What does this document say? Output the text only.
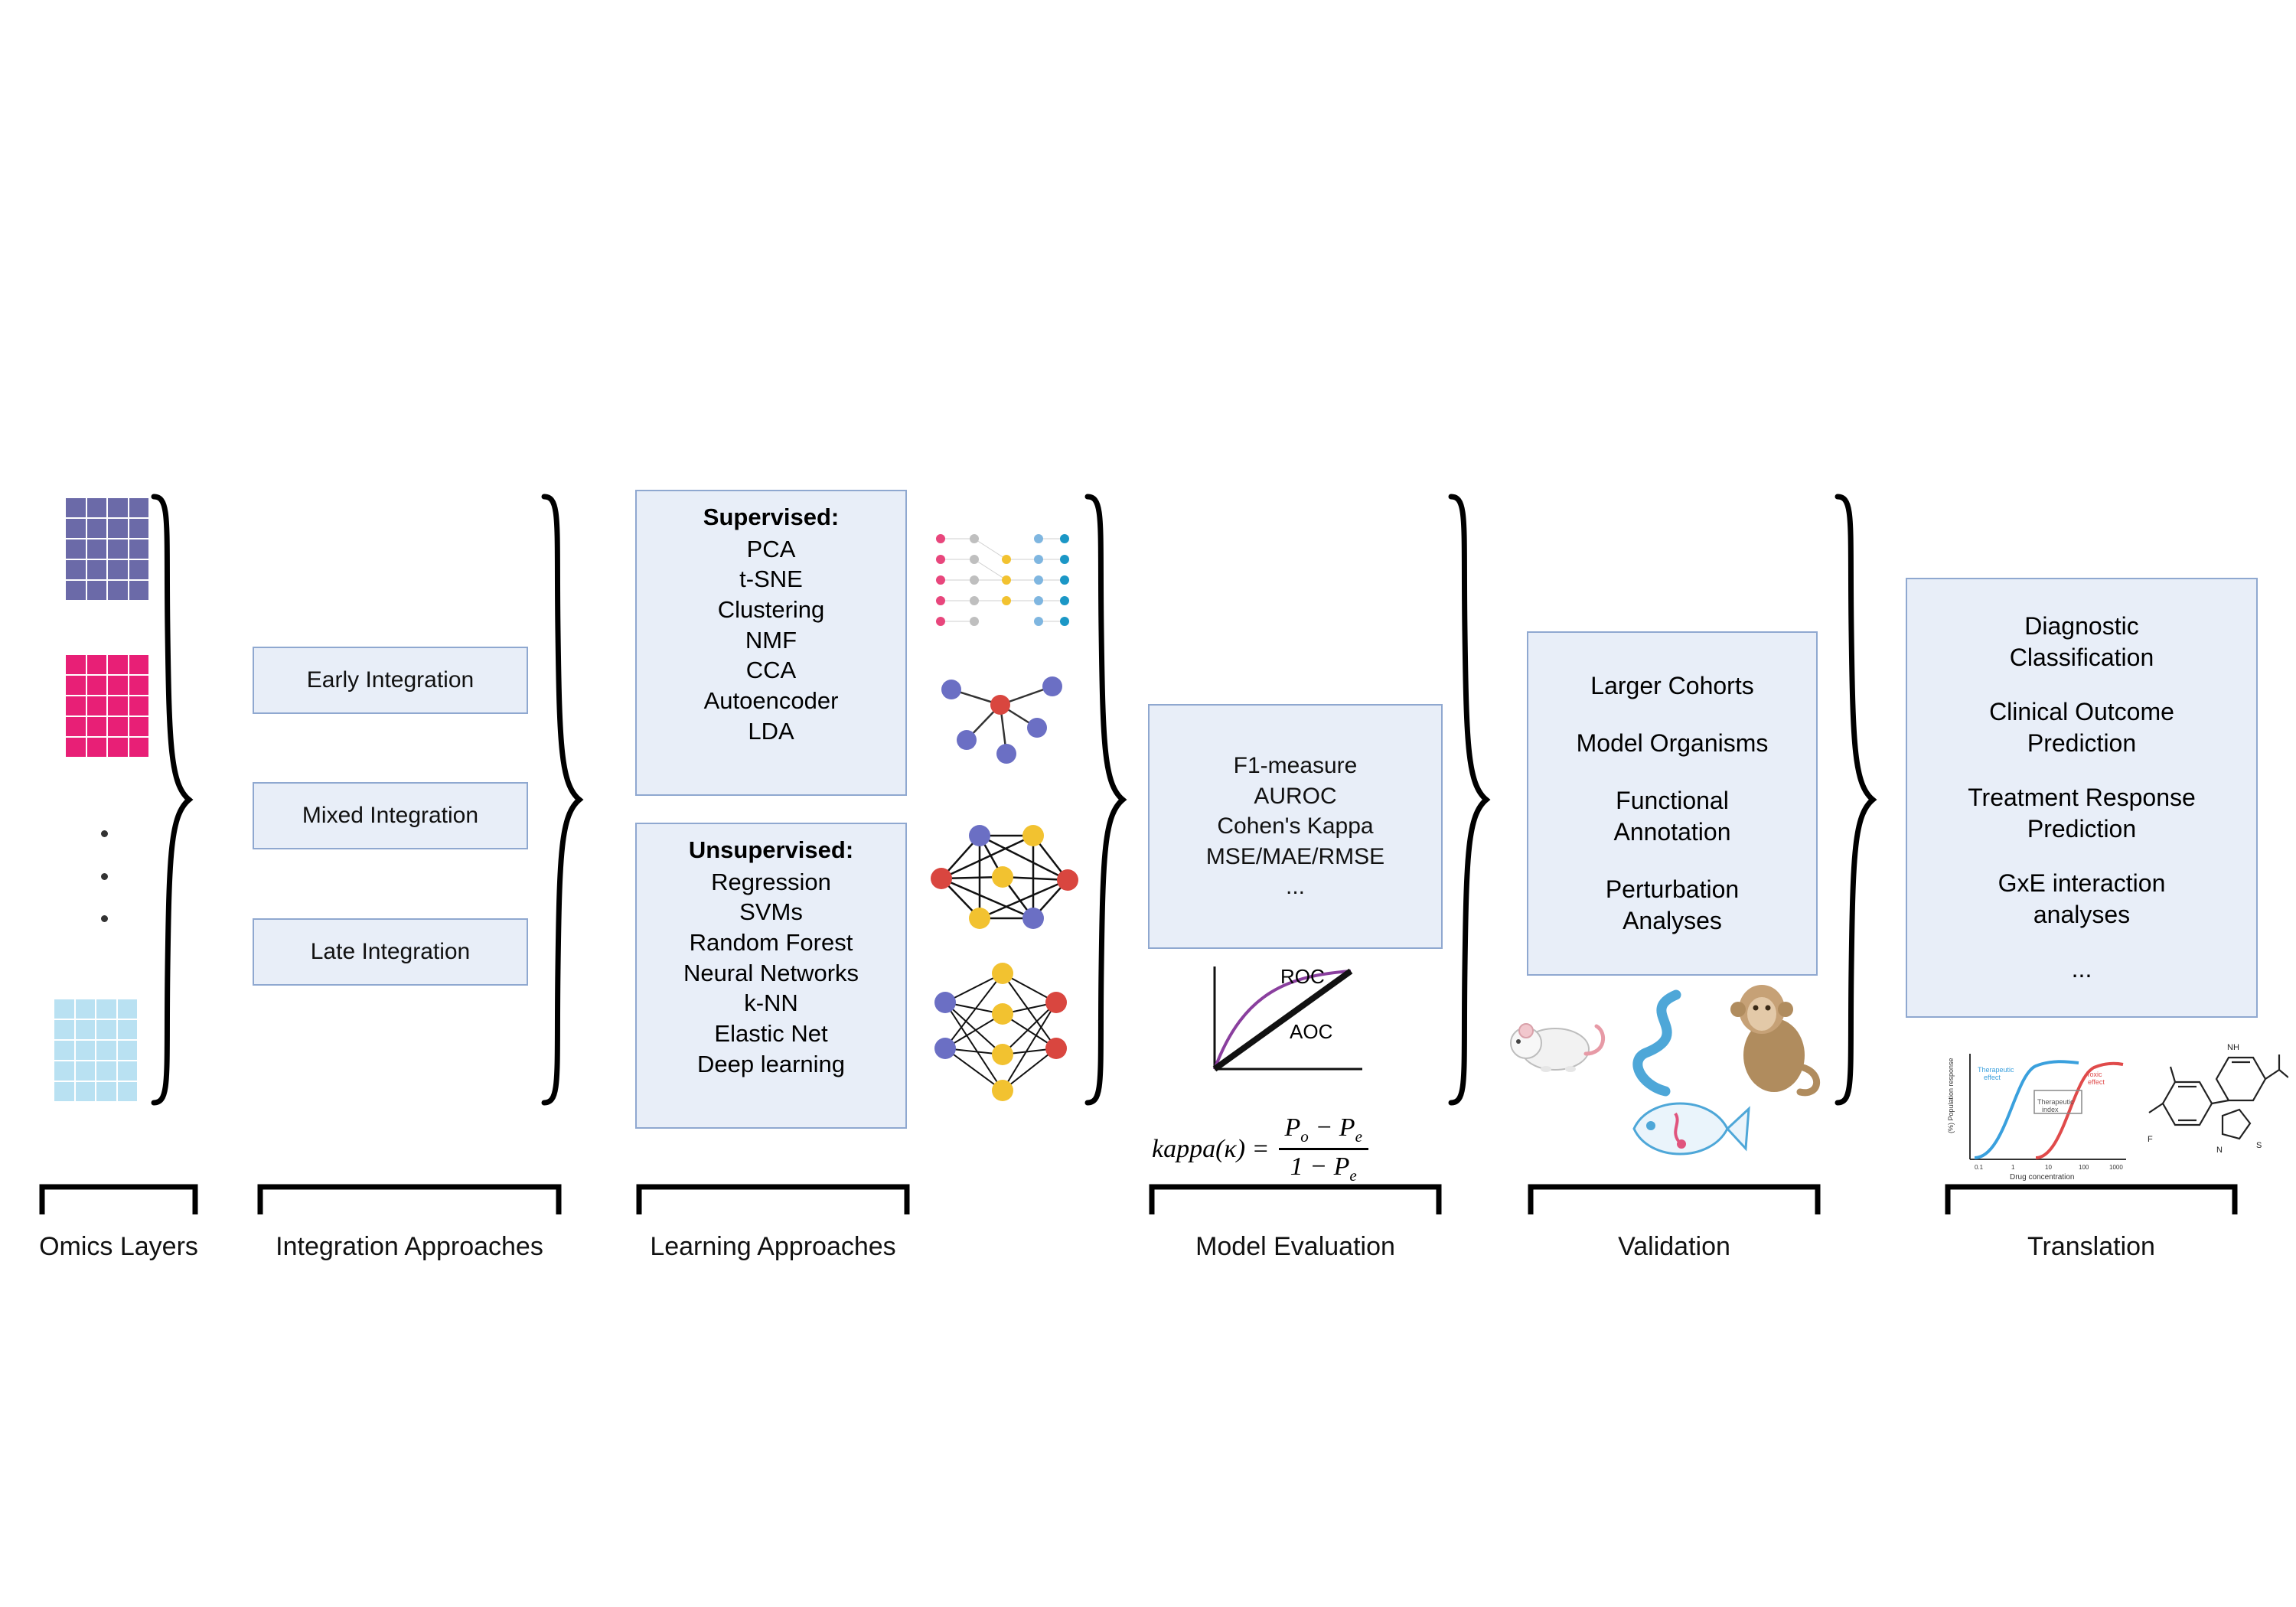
Early Integration
Mixed Integration
Late Integration
Supervised:
PCA
t-SNE
Clustering
NMF
CCA
Autoencoder
LDA
Unsupervised:
Regression
SVMs
Random Forest
Neural Networks
k-NN
Elastic Net
Deep learning
F1-measure
AUROC
Cohen's Kappa
MSE/MAE/RMSE
...
ROC
AOC
kappa(κ) = $\frac{P_o - P_e}{1 - P_e}$
Larger Cohorts
Model Organisms
Functional
Annotation
Perturbation
Analyses
Diagnostic
Classification
Clinical Outcome
Prediction
Treatment Response
Prediction
GxE interaction
analyses
...
Therapeutic
index
Therapeutic
effect	Toxic
effect
(%) Population response
Drug concentration
0.1	1	10	100	1000
NH
F
N	S
Omics Layers	Integration Approaches	Learning Approaches	Model Evaluation	Validation	Translation
